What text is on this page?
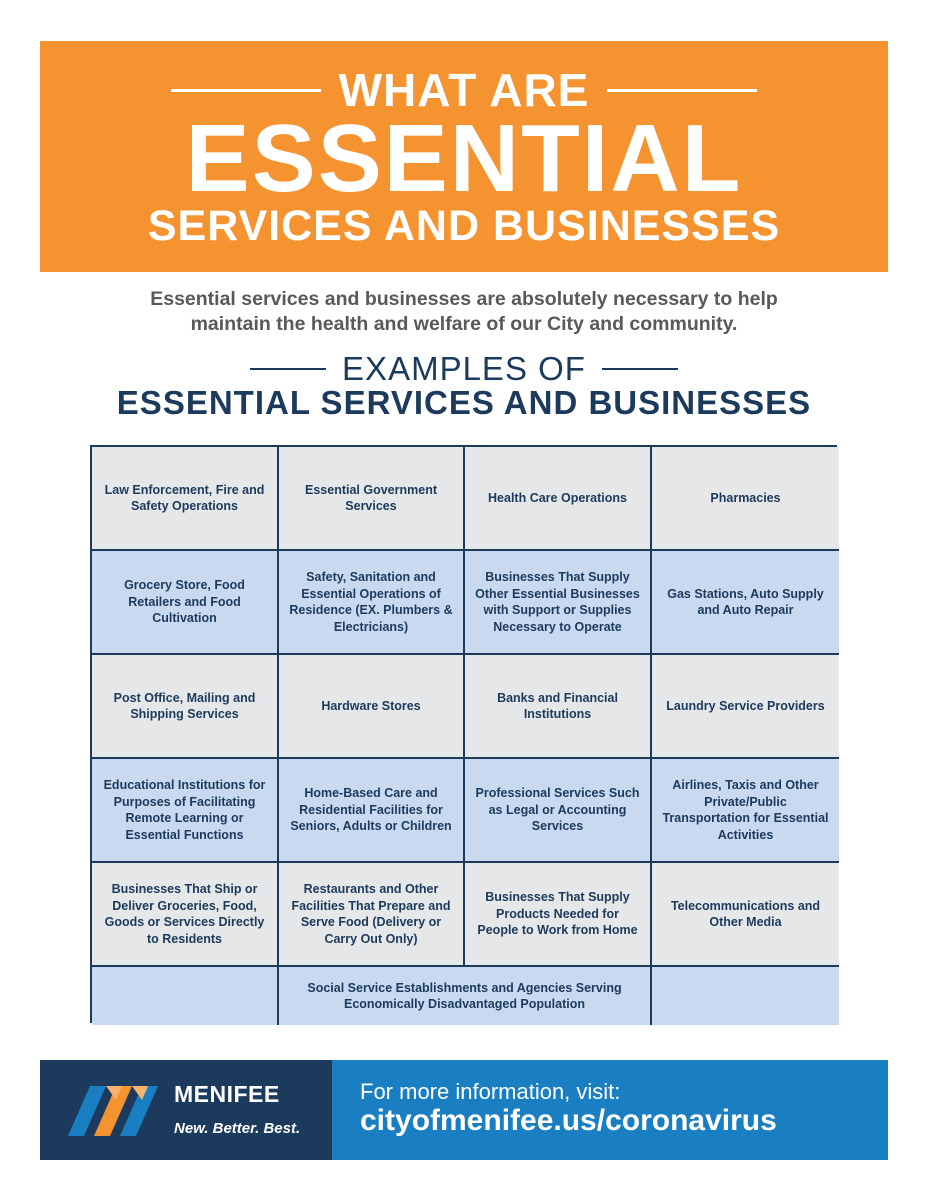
WHAT ARE
ESSENTIAL
SERVICES AND BUSINESSES
Essential services and businesses are absolutely necessary to help
maintain the health and welfare of our City and community.
EXAMPLES OF
ESSENTIAL SERVICES AND BUSINESSES
Law Enforcement, Fire and Safety Operations
Essential Government Services
Health Care Operations	Pharmacies
Grocery Store, Food Retailers and Food Cultivation
Safety, Sanitation and Essential Operations of Residence (EX. Plumbers & Electricians)
Businesses That Supply Other Essential Businesses with Support or Supplies Necessary to Operate
Gas Stations, Auto Supply and Auto Repair
Post Office, Mailing and Shipping Services
Hardware Stores
Banks and Financial Institutions
Laundry Service Providers
Educational Institutions for Purposes of Facilitating Remote Learning or Essential Functions
Home-Based Care and Residential Facilities for Seniors, Adults or Children
Professional Services Such as Legal or Accounting Services
Airlines, Taxis and Other Private/Public Transportation for Essential Activities
Businesses That Ship or Deliver Groceries, Food, Goods or Services Directly to Residents
Restaurants and Other Facilities That Prepare and Serve Food (Delivery or Carry Out Only)
Businesses That Supply Products Needed for People to Work from Home
Telecommunications and Other Media
Social Service Establishments and Agencies Serving Economically Disadvantaged Population
MENIFEE
New. Better. Best.
For more information, visit:
cityofmenifee.us/coronavirus
